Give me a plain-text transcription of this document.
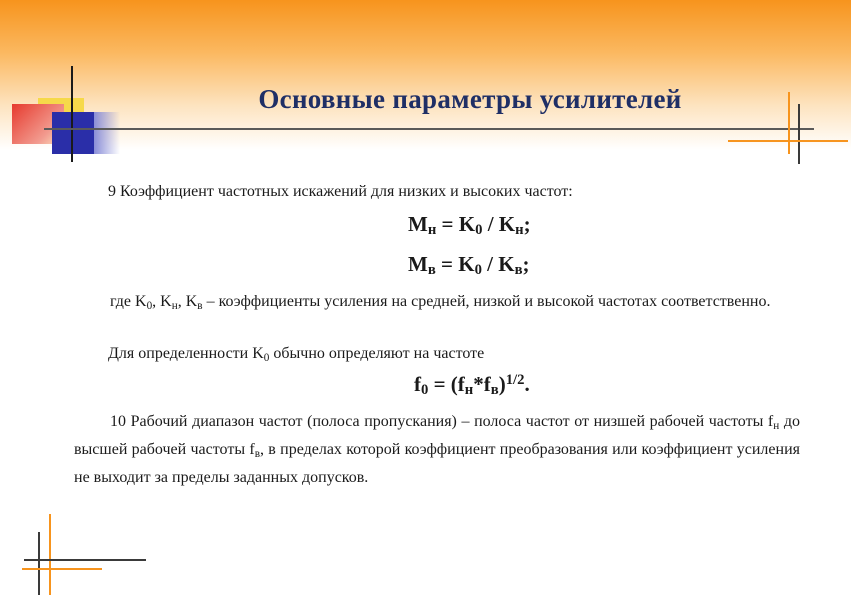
Основные параметры усилителей
9 Коэффициент частотных искажений для низких и высоких частот:
$M_н = K_0 / K_н$;
$M_в = K_0 / K_в$;
где $K_0$, $K_н$, $K_в$ – коэффициенты усиления на средней, низкой и высокой частотах соответственно.
Для определенности $K_0$ обычно определяют на частоте
$f_0 = (f_н*f_в)^{1/2}$.
10 Рабочий диапазон частот (полоса пропускания) – полоса частот от низшей рабочей частоты $f_н$ до высшей рабочей частоты $f_в$, в пределах которой коэффициент преобразования или коэффициент усиления не выходит за пределы заданных допусков.
